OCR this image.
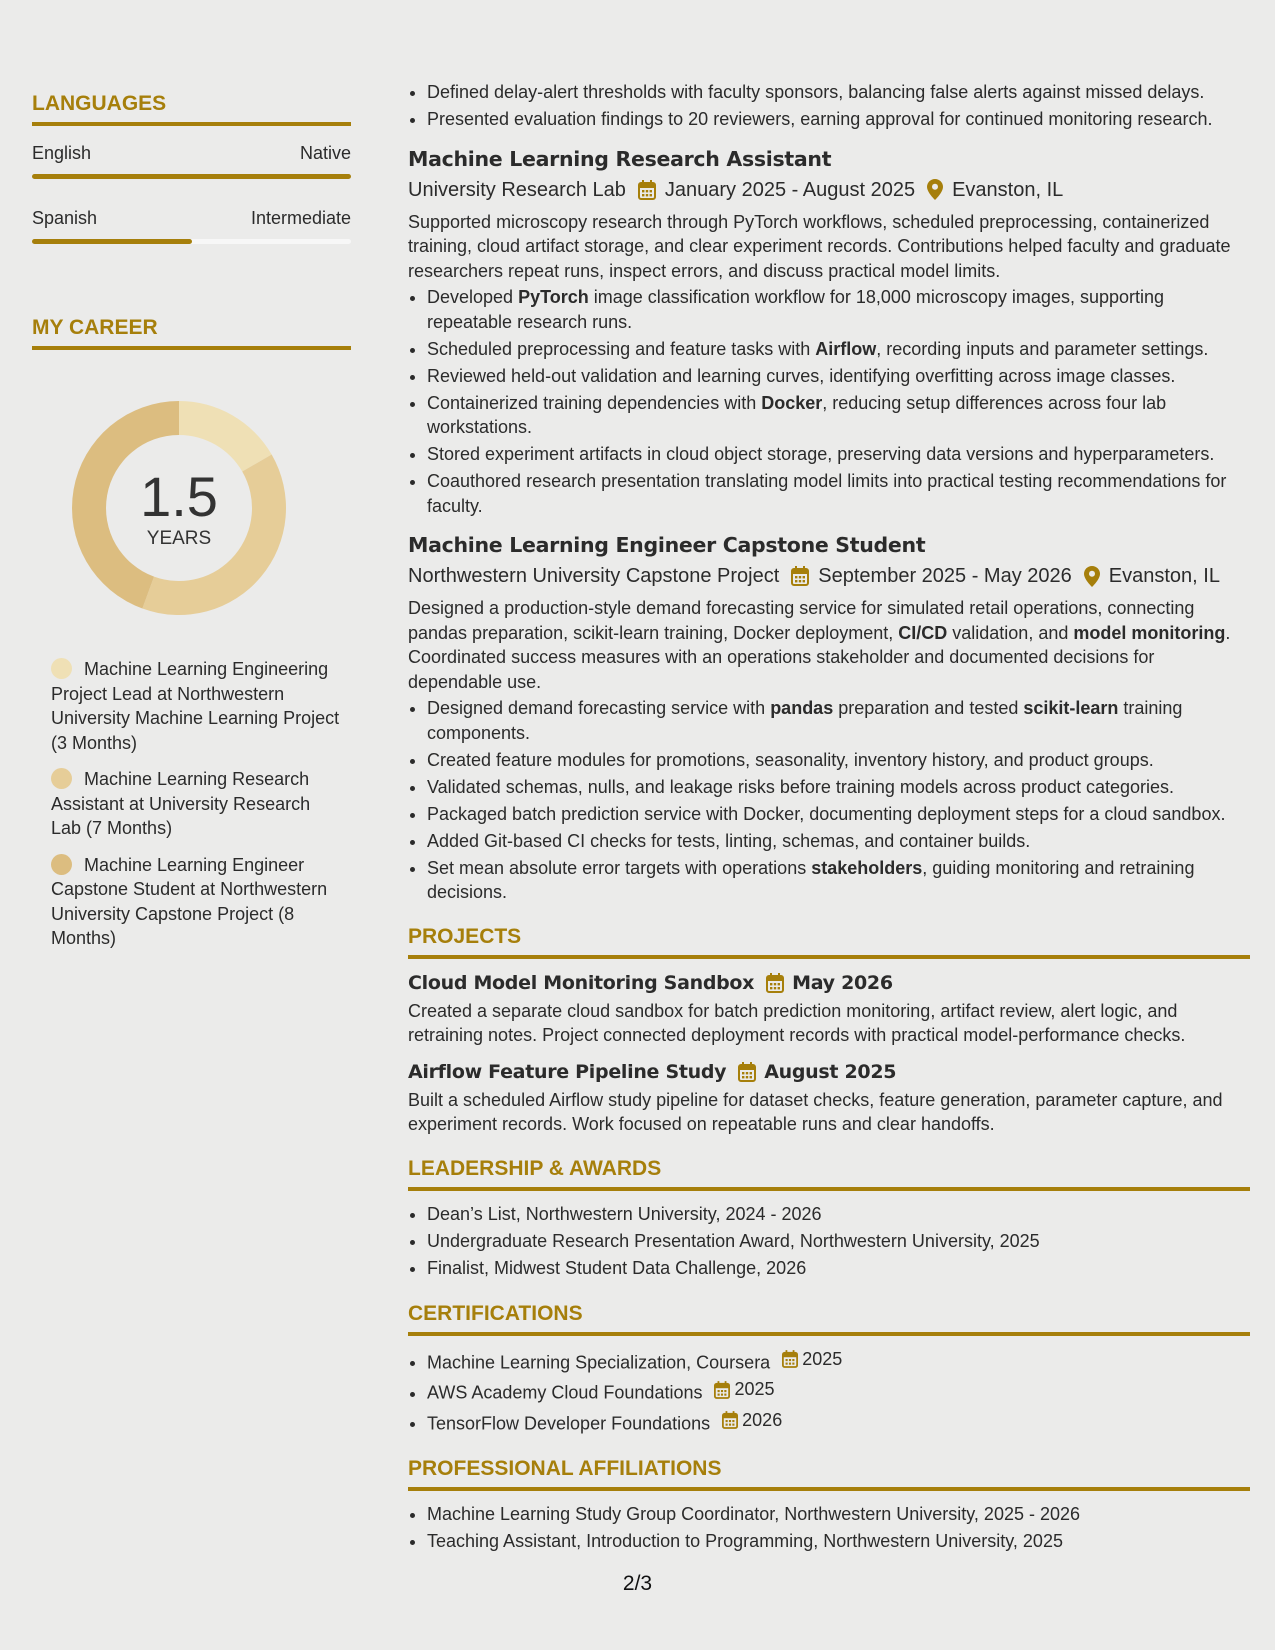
LANGUAGES
English	Native
Spanish	Intermediate
MY CAREER
1.5
YEARS
Machine Learning Engineering Project Lead at Northwestern University Machine Learning Project (3 Months)
Machine Learning Research Assistant at University Research Lab (7 Months)
Machine Learning Engineer Capstone Student at Northwestern University Capstone Project (8 Months)
• Defined delay-alert thresholds with faculty sponsors, balancing false alerts against missed delays.
• Presented evaluation findings to 20 reviewers, earning approval for continued monitoring research.
Machine Learning Research Assistant
University Research Lab January 2025 - August 2025 Evanston, IL

Supported microscopy research through PyTorch workflows, scheduled preprocessing, containerized training, cloud artifact storage, and clear experiment records. Contributions helped faculty and graduate researchers repeat runs, inspect errors, and discuss practical model limits.

• Developed PyTorch image classification workflow for 18,000 microscopy images, supporting repeatable research runs.
• Scheduled preprocessing and feature tasks with Airflow, recording inputs and parameter settings.
• Reviewed held-out validation and learning curves, identifying overfitting across image classes.
• Containerized training dependencies with Docker, reducing setup differences across four lab workstations.
• Stored experiment artifacts in cloud object storage, preserving data versions and hyperparameters.
• Coauthored research presentation translating model limits into practical testing recommendations for faculty.
Machine Learning Engineer Capstone Student
Northwestern University Capstone Project September 2025 - May 2026 Evanston, IL

Designed a production-style demand forecasting service for simulated retail operations, connecting pandas preparation, scikit-learn training, Docker deployment, CI/CD validation, and model monitoring. Coordinated success measures with an operations stakeholder and documented decisions for dependable use.

• Designed demand forecasting service with pandas preparation and tested scikit-learn training components.
• Created feature modules for promotions, seasonality, inventory history, and product groups.
• Validated schemas, nulls, and leakage risks before training models across product categories.
• Packaged batch prediction service with Docker, documenting deployment steps for a cloud sandbox.
• Added Git-based CI checks for tests, linting, schemas, and container builds.
• Set mean absolute error targets with operations stakeholders, guiding monitoring and retraining decisions.
PROJECTS
Cloud Model Monitoring Sandbox May 2026

Created a separate cloud sandbox for batch prediction monitoring, artifact review, alert logic, and retraining notes. Project connected deployment records with practical model-performance checks.

Airflow Feature Pipeline Study August 2025

Built a scheduled Airflow study pipeline for dataset checks, feature generation, parameter capture, and experiment records. Work focused on repeatable runs and clear handoffs.

LEADERSHIP & AWARDS
• Dean’s List, Northwestern University, 2024 - 2026
• Undergraduate Research Presentation Award, Northwestern University, 2025
• Finalist, Midwest Student Data Challenge, 2026
CERTIFICATIONS
• Machine Learning Specialization, Coursera 2025
• AWS Academy Cloud Foundations 2025
• TensorFlow Developer Foundations 2026
PROFESSIONAL AFFILIATIONS
• Machine Learning Study Group Coordinator, Northwestern University, 2025 - 2026
• Teaching Assistant, Introduction to Programming, Northwestern University, 2025
2/3
